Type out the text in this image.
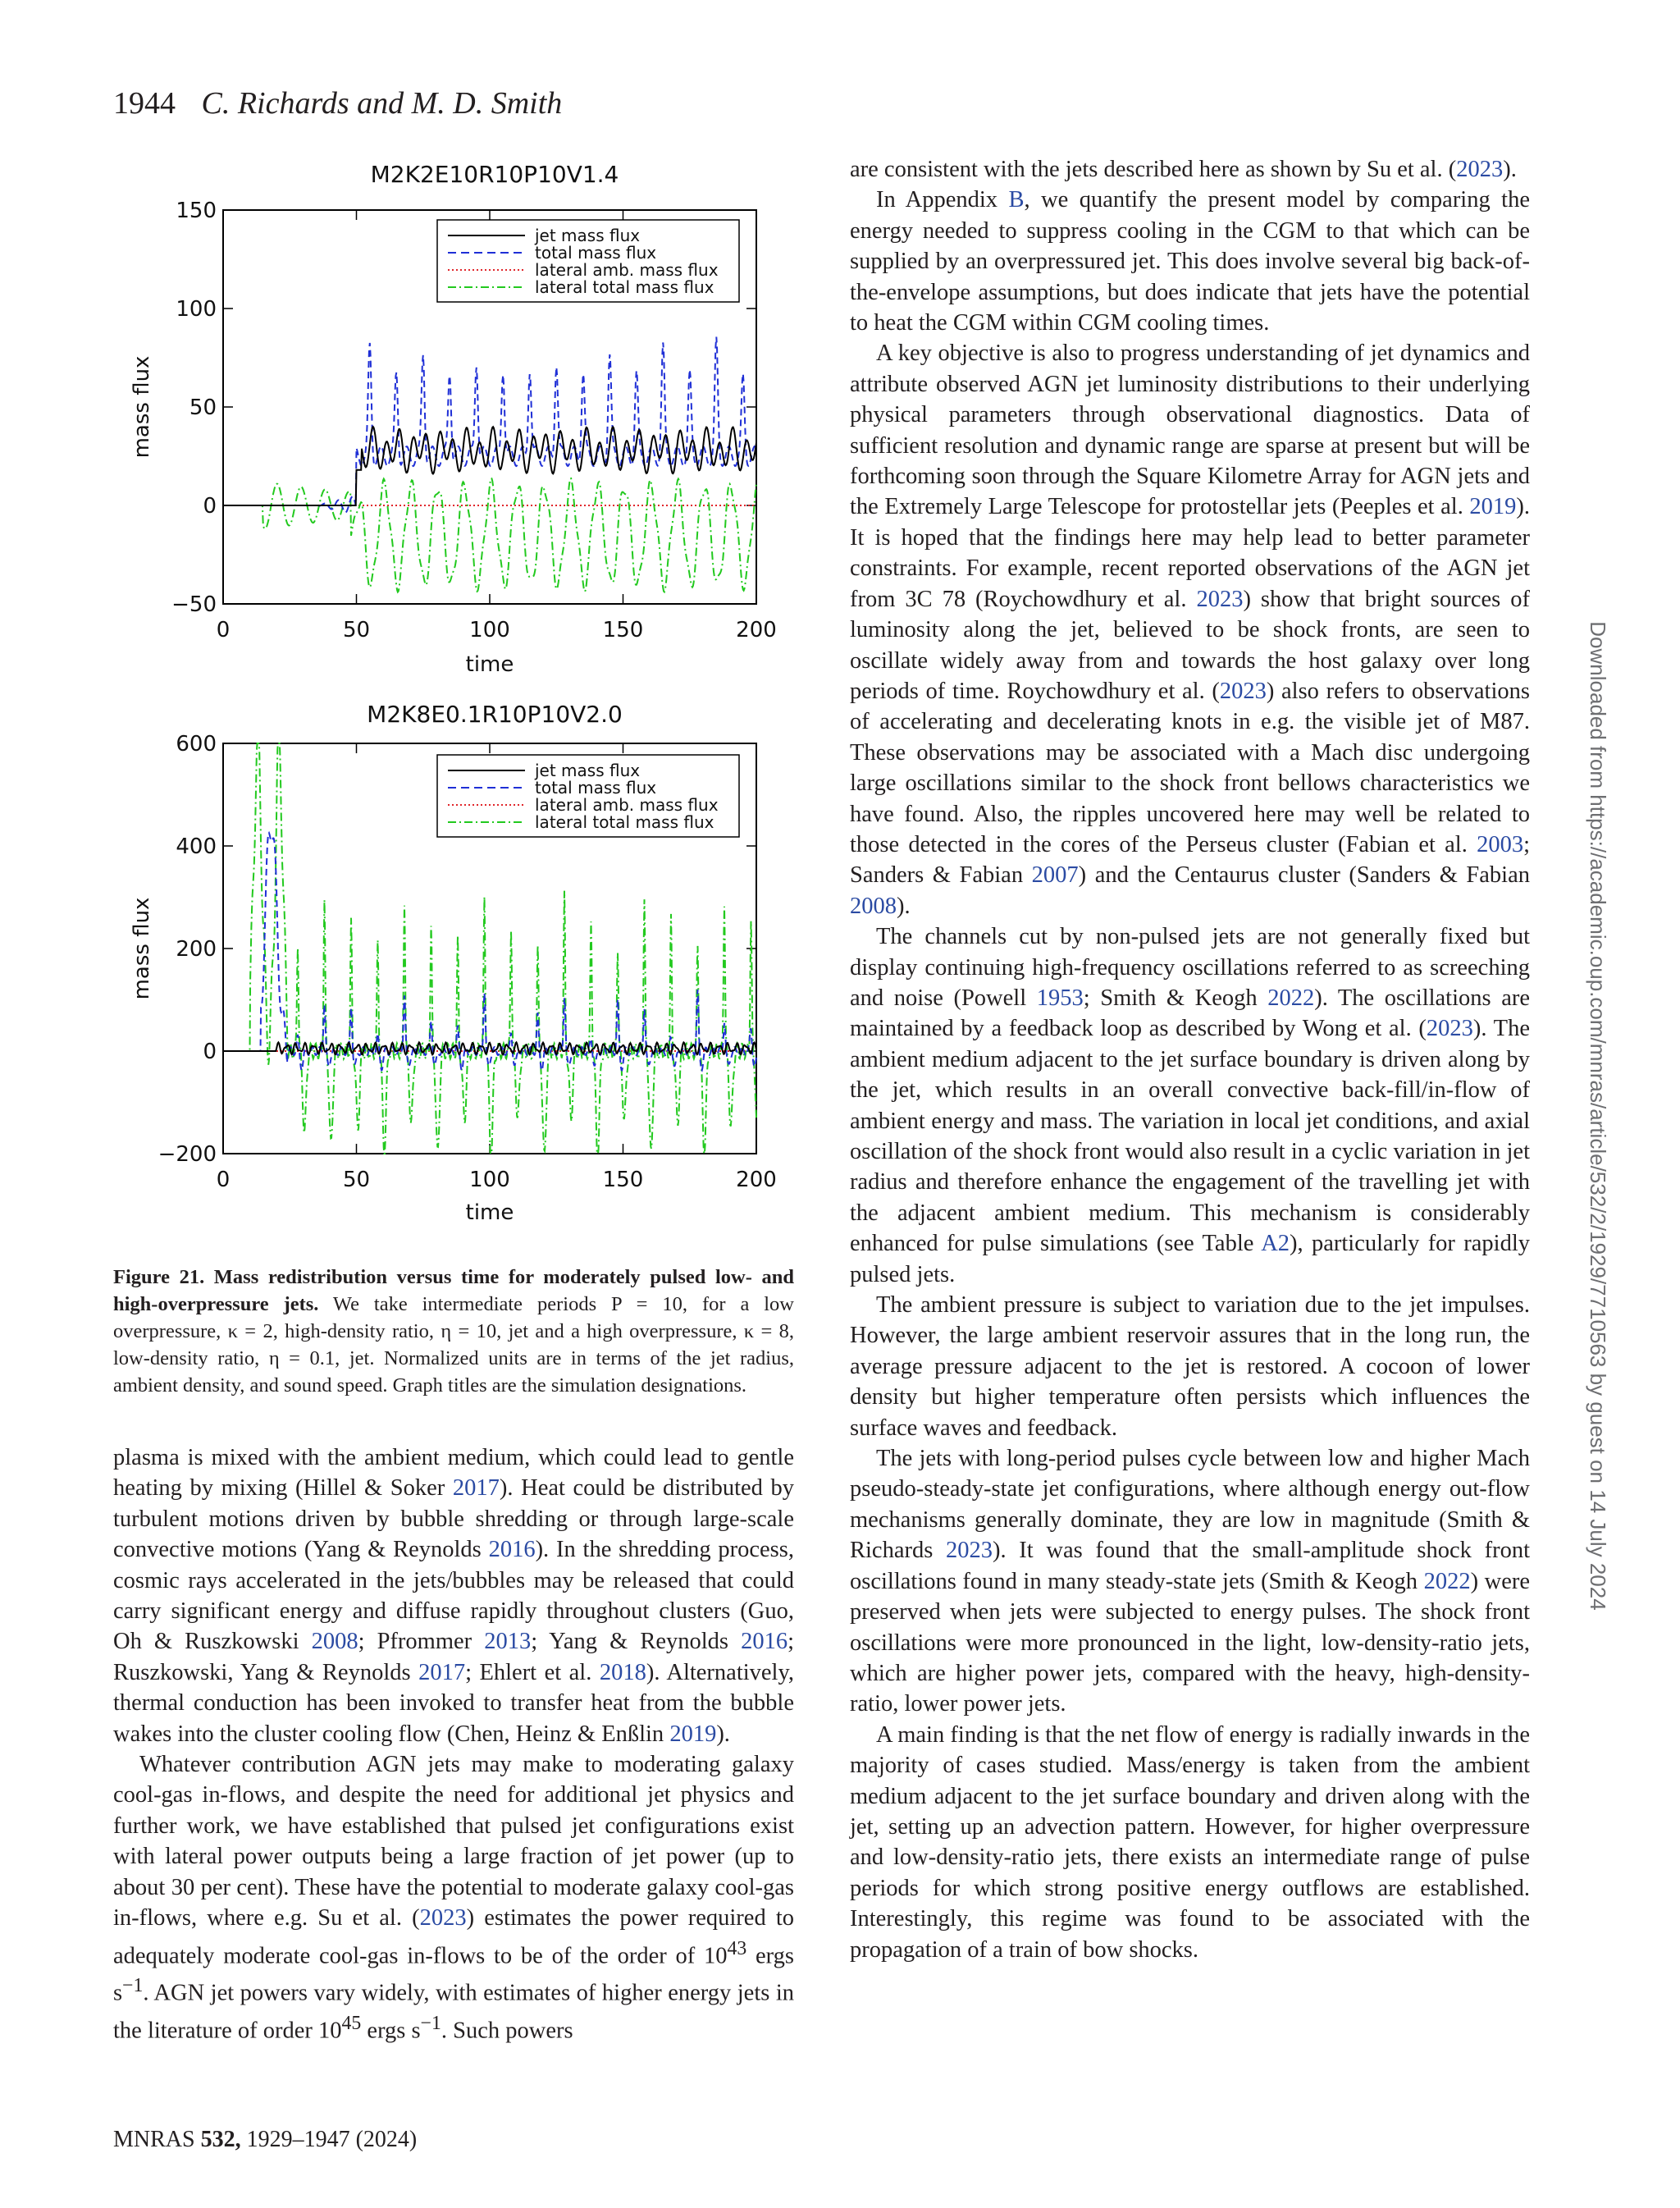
1944 C. Richards and M. D. Smith
M2K2E10R10P10V1.4
0	50	100	150	200
−50
0
50
100
150
time
mass flux
jet mass flux
total mass flux
lateral amb. mass flux
lateral total mass flux
M2K8E0.1R10P10V2.0
0	50	100	150	200
−200
0
200
400
600
time
mass flux
jet mass flux
total mass flux
lateral amb. mass flux
lateral total mass flux
Figure 21. Mass redistribution versus time for moderately pulsed low- and high-overpressure jets. We take intermediate periods P = 10, for a low overpressure, κ = 2, high-density ratio, η = 10, jet and a high overpressure, κ = 8, low-density ratio, η = 0.1, jet. Normalized units are in terms of the jet radius, ambient density, and sound speed. Graph titles are the simulation designations.

plasma is mixed with the ambient medium, which could lead to gentle heating by mixing (Hillel & Soker 2017). Heat could be distributed by turbulent motions driven by bubble shredding or through large-scale convective motions (Yang & Reynolds 2016). In the shredding process, cosmic rays accelerated in the jets/bubbles may be released that could carry significant energy and diffuse rapidly throughout clusters (Guo, Oh & Ruszkowski 2008; Pfrommer 2013; Yang & Reynolds 2016; Ruszkowski, Yang & Reynolds 2017; Ehlert et al. 2018). Alternatively, thermal conduction has been invoked to transfer heat from the bubble wakes into the cluster cooling flow (Chen, Heinz & Enßlin 2019).

Whatever contribution AGN jets may make to moderating galaxy cool-gas in-flows, and despite the need for additional jet physics and further work, we have established that pulsed jet configurations exist with lateral power outputs being a large fraction of jet power (up to about 30 per cent). These have the potential to moderate galaxy cool-gas in-flows, where e.g. Su et al. (2023) estimates the power required to adequately moderate cool-gas in-flows to be of the order of $10^{43}$ ergs $s^{-1}$. AGN jet powers vary widely, with estimates of higher energy jets in the literature of order $10^{45}$ ergs $s^{-1}$. Such powers

are consistent with the jets described here as shown by Su et al. (2023).

In Appendix B, we quantify the present model by comparing the energy needed to suppress cooling in the CGM to that which can be supplied by an overpressured jet. This does involve several big back-of-the-envelope assumptions, but does indicate that jets have the potential to heat the CGM within CGM cooling times.

A key objective is also to progress understanding of jet dynamics and attribute observed AGN jet luminosity distributions to their underlying physical parameters through observational diagnostics. Data of sufficient resolution and dynamic range are sparse at present but will be forthcoming soon through the Square Kilometre Array for AGN jets and the Extremely Large Telescope for protostellar jets (Peeples et al. 2019). It is hoped that the findings here may help lead to better parameter constraints. For example, recent reported observations of the AGN jet from 3C 78 (Roychowdhury et al. 2023) show that bright sources of luminosity along the jet, believed to be shock fronts, are seen to oscillate widely away from and towards the host galaxy over long periods of time. Roychowdhury et al. (2023) also refers to observations of accelerating and decelerating knots in e.g. the visible jet of M87. These observations may be associated with a Mach disc undergoing large oscillations similar to the shock front bellows characteristics we have found. Also, the ripples uncovered here may well be related to those detected in the cores of the Perseus cluster (Fabian et al. 2003; Sanders & Fabian 2007) and the Centaurus cluster (Sanders & Fabian 2008).

The channels cut by non-pulsed jets are not generally fixed but display continuing high-frequency oscillations referred to as screeching and noise (Powell 1953; Smith & Keogh 2022). The oscillations are maintained by a feedback loop as described by Wong et al. (2023). The ambient medium adjacent to the jet surface boundary is driven along by the jet, which results in an overall convective back-fill/in-flow of ambient energy and mass. The variation in local jet conditions, and axial oscillation of the shock front would also result in a cyclic variation in jet radius and therefore enhance the engagement of the travelling jet with the adjacent ambient medium. This mechanism is considerably enhanced for pulse simulations (see Table A2), particularly for rapidly pulsed jets.

The ambient pressure is subject to variation due to the jet impulses. However, the large ambient reservoir assures that in the long run, the average pressure adjacent to the jet is restored. A cocoon of lower density but higher temperature often persists which influences the surface waves and feedback.

The jets with long-period pulses cycle between low and higher Mach pseudo-steady-state jet configurations, where although energy out-flow mechanisms generally dominate, they are low in magnitude (Smith & Richards 2023). It was found that the small-amplitude shock front oscillations found in many steady-state jets (Smith & Keogh 2022) were preserved when jets were subjected to energy pulses. The shock front oscillations were more pronounced in the light, low-density-ratio jets, which are higher power jets, compared with the heavy, high-density-ratio, lower power jets.

A main finding is that the net flow of energy is radially inwards in the majority of cases studied. Mass/energy is taken from the ambient medium adjacent to the jet surface boundary and driven along with the jet, setting up an advection pattern. However, for higher overpressure and low-density-ratio jets, there exists an intermediate range of pulse periods for which strong positive energy outflows are established. Interestingly, this regime was found to be associated with the propagation of a train of bow shocks.

MNRAS 532, 1929–1947 (2024)
Downloaded from https://academic.oup.com/mnras/article/532/2/1929/7710563 by guest on 14 July 2024
